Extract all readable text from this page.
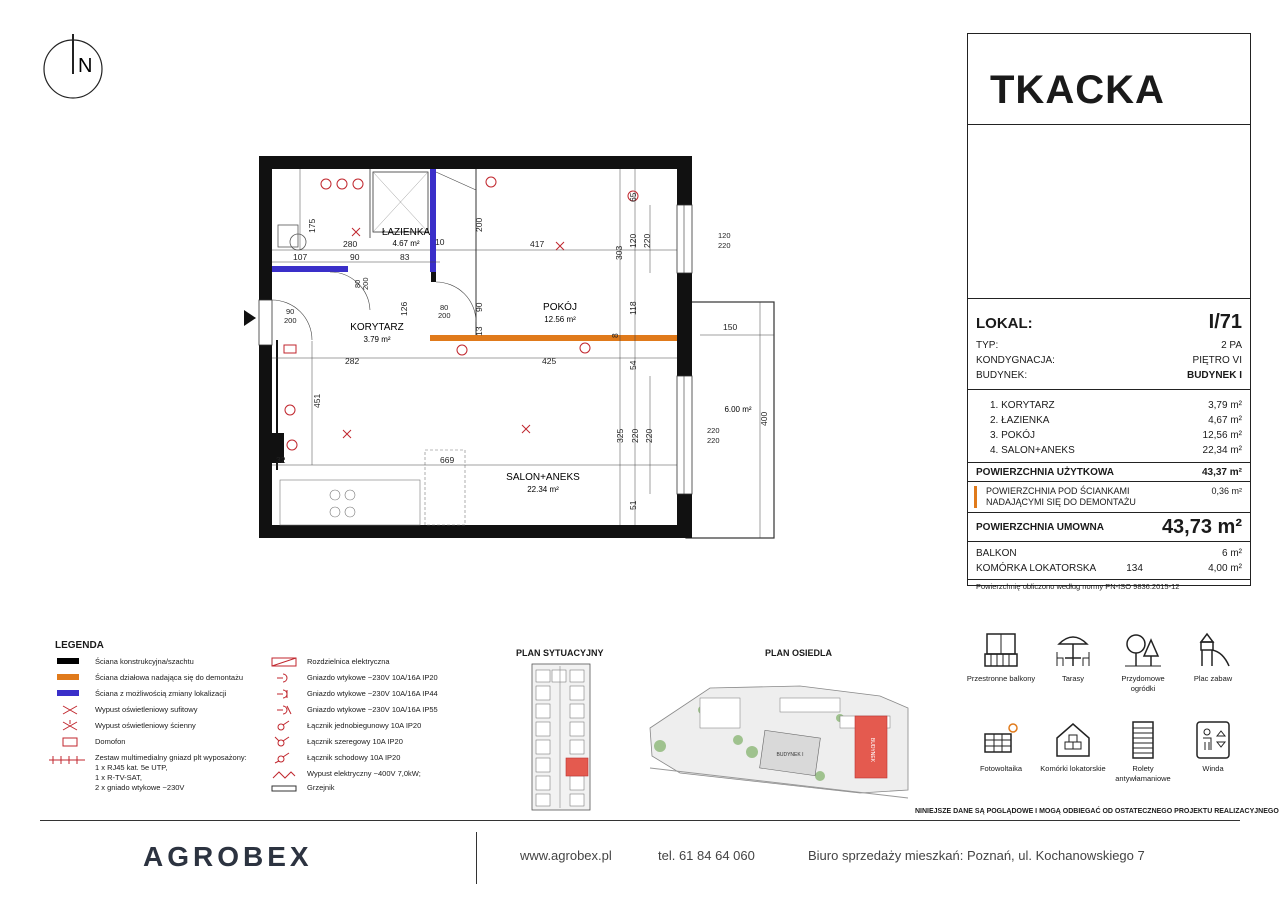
N
ŁAZIENKA
4.67 m²
KORYTARZ
3.79 m²
POKÓJ
12.56 m²
SALON+ANEKS
22.34 m²
6.00 m²
175
280	10
200
417
120
220
303
65
120 220
107	90	83
90
200
80 200
126	80
200
90
13
118
8
282	425
150
54
451
400
325 220 220	220
220
669
32
51
TKACKA
LOKAL:	I/71
TYP:	2 PA
KONDYGNACJA:	PIĘTRO VI
BUDYNEK:	BUDYNEK I
1. KORYTARZ	3,79 m²
2. ŁAZIENKA	4,67 m²
3. POKÓJ	12,56 m²
4. SALON+ANEKS	22,34 m²
POWIERZCHNIA UŻYTKOWA	43,37 m²
POWIERZCHNIA POD ŚCIANKAMI
NADAJĄCYMI SIĘ DO DEMONTAŻU
0,36 m²
POWIERZCHNIA UMOWNA	43,73 m²
BALKON	6 m²
KOMÓRKA LOKATORSKA	134	4,00 m²
Powierzchnię obliczono według normy PN-ISO 9836:2015-12
LEGENDA
Ściana konstrukcyjna/szachtu
Ściana działowa nadająca się do demontażu
Ściana z możliwością zmiany lokalizacji
Wypust oświetleniowy sufitowy
Wypust oświetleniowy ścienny
Domofon
Zestaw multimedialny gniazd plt wyposażony:
1 x RJ45 kat. 5e UTP,
1 x R-TV-SAT,
2 x gniado wtykowe ~230V
Rozdzielnica elektryczna
Gniazdo wtykowe ~230V 10A/16A IP20
Gniazdo wtykowe ~230V 10A/16A IP44
Gniazdo wtykowe ~230V 10A/16A IP55
Łącznik jednobiegunowy 10A IP20
Łącznik szeregowy 10A IP20
Łącznik schodowy 10A IP20
Wypust elektryczny ~400V 7,0kW;
Grzejnik
PLAN SYTUACYJNY	PLAN OSIEDLA
BUDYNEK I	BUDYNEK
Przestronne balkony	Tarasy	Przydomowe ogródki
Plac zabaw
Fotowoltaika	Komórki lokatorskie	Rolety antywłamaniowe
Winda
NINIEJSZE DANE SĄ POGLĄDOWE I MOGĄ ODBIEGAĆ OD OSTATECZNEGO PROJEKTU REALIZACYJNEGO
AGROBEX	www.agrobex.pl	tel. 61 84 64 060	Biuro sprzedaży mieszkań: Poznań, ul. Kochanowskiego 7
